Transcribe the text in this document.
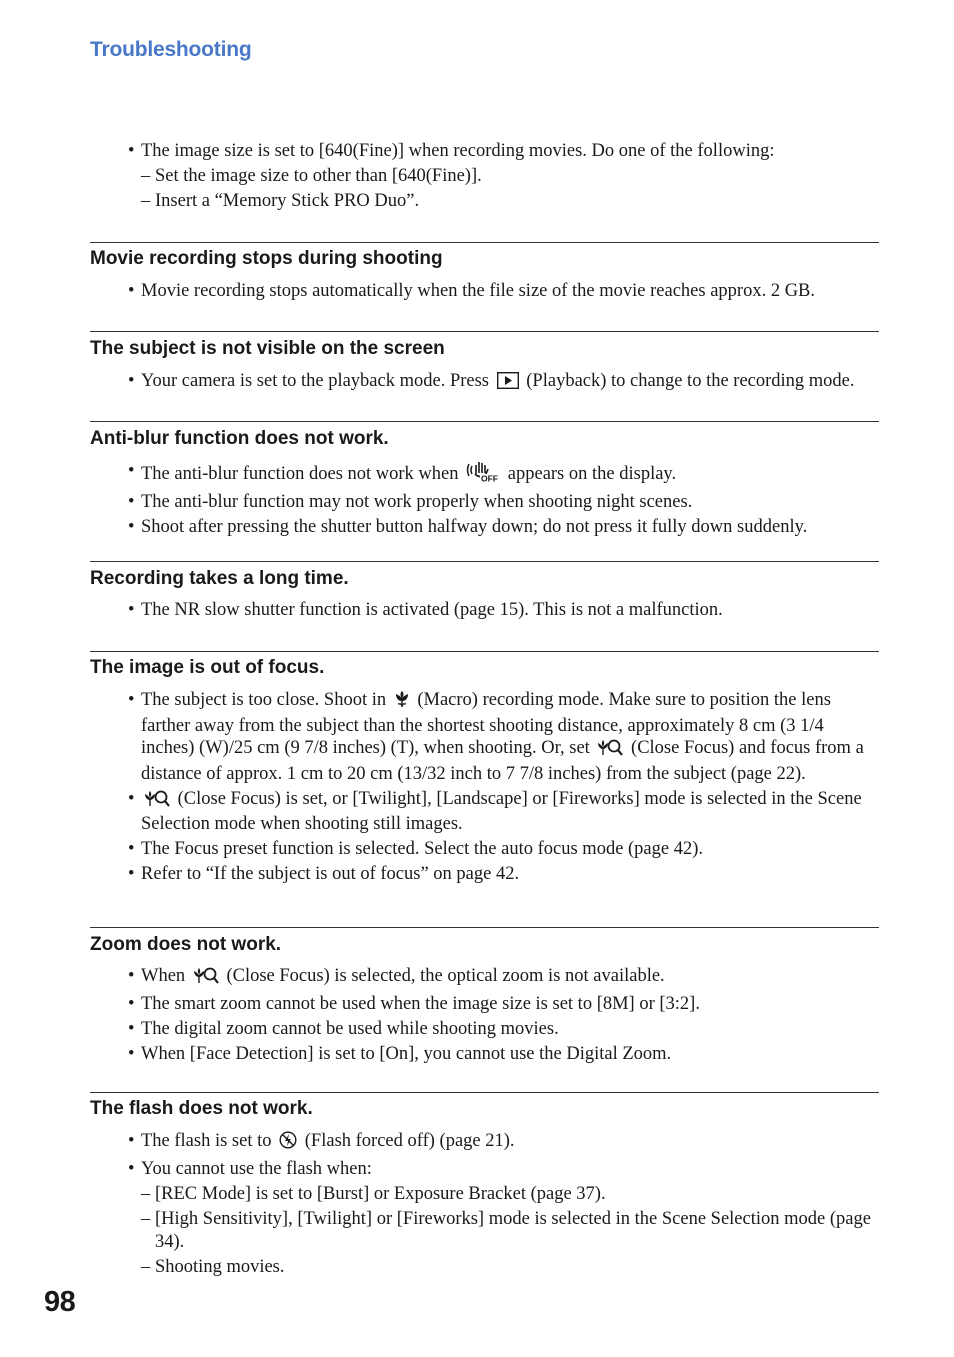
Troubleshooting
• The image size is set to [640(Fine)] when recording movies. Do one of the following:
– Set the image size to other than [640(Fine)].
– Insert a “Memory Stick PRO Duo”.
Movie recording stops during shooting
• Movie recording stops automatically when the file size of the movie reaches approx. 2 GB.
The subject is not visible on the screen
• Your camera is set to the playback mode. Press (Playback) to change to the recording mode.
Anti-blur function does not work.
• The anti-blur function does not work when	OFF appears on the display.
• The anti-blur function may not work properly when shooting night scenes.
• Shoot after pressing the shutter button halfway down; do not press it fully down suddenly.
Recording takes a long time.
• The NR slow shutter function is activated (page 15). This is not a malfunction.
The image is out of focus.
• The subject is too close. Shoot in (Macro) recording mode. Make sure to position the lens farther away from the subject than the shortest shooting distance, approximately 8 cm (3 1/4 inches) (W)/25 cm (9 7/8 inches) (T), when shooting. Or, set (Close Focus) and focus from a distance of approx. 1 cm to 20 cm (13/32 inch to 7 7/8 inches) from the subject (page 22).
• (Close Focus) is set, or [Twilight], [Landscape] or [Fireworks] mode is selected in the Scene Selection mode when shooting still images.
• The Focus preset function is selected. Select the auto focus mode (page 42).
• Refer to “If the subject is out of focus” on page 42.
Zoom does not work.
• When (Close Focus) is selected, the optical zoom is not available.
• The smart zoom cannot be used when the image size is set to [8M] or [3:2].
• The digital zoom cannot be used while shooting movies.
• When [Face Detection] is set to [On], you cannot use the Digital Zoom.
The flash does not work.
• The flash is set to (Flash forced off) (page 21).
• You cannot use the flash when:
– [REC Mode] is set to [Burst] or Exposure Bracket (page 37).
– [High Sensitivity], [Twilight] or [Fireworks] mode is selected in the Scene Selection mode (page 34).
– Shooting movies.
98
